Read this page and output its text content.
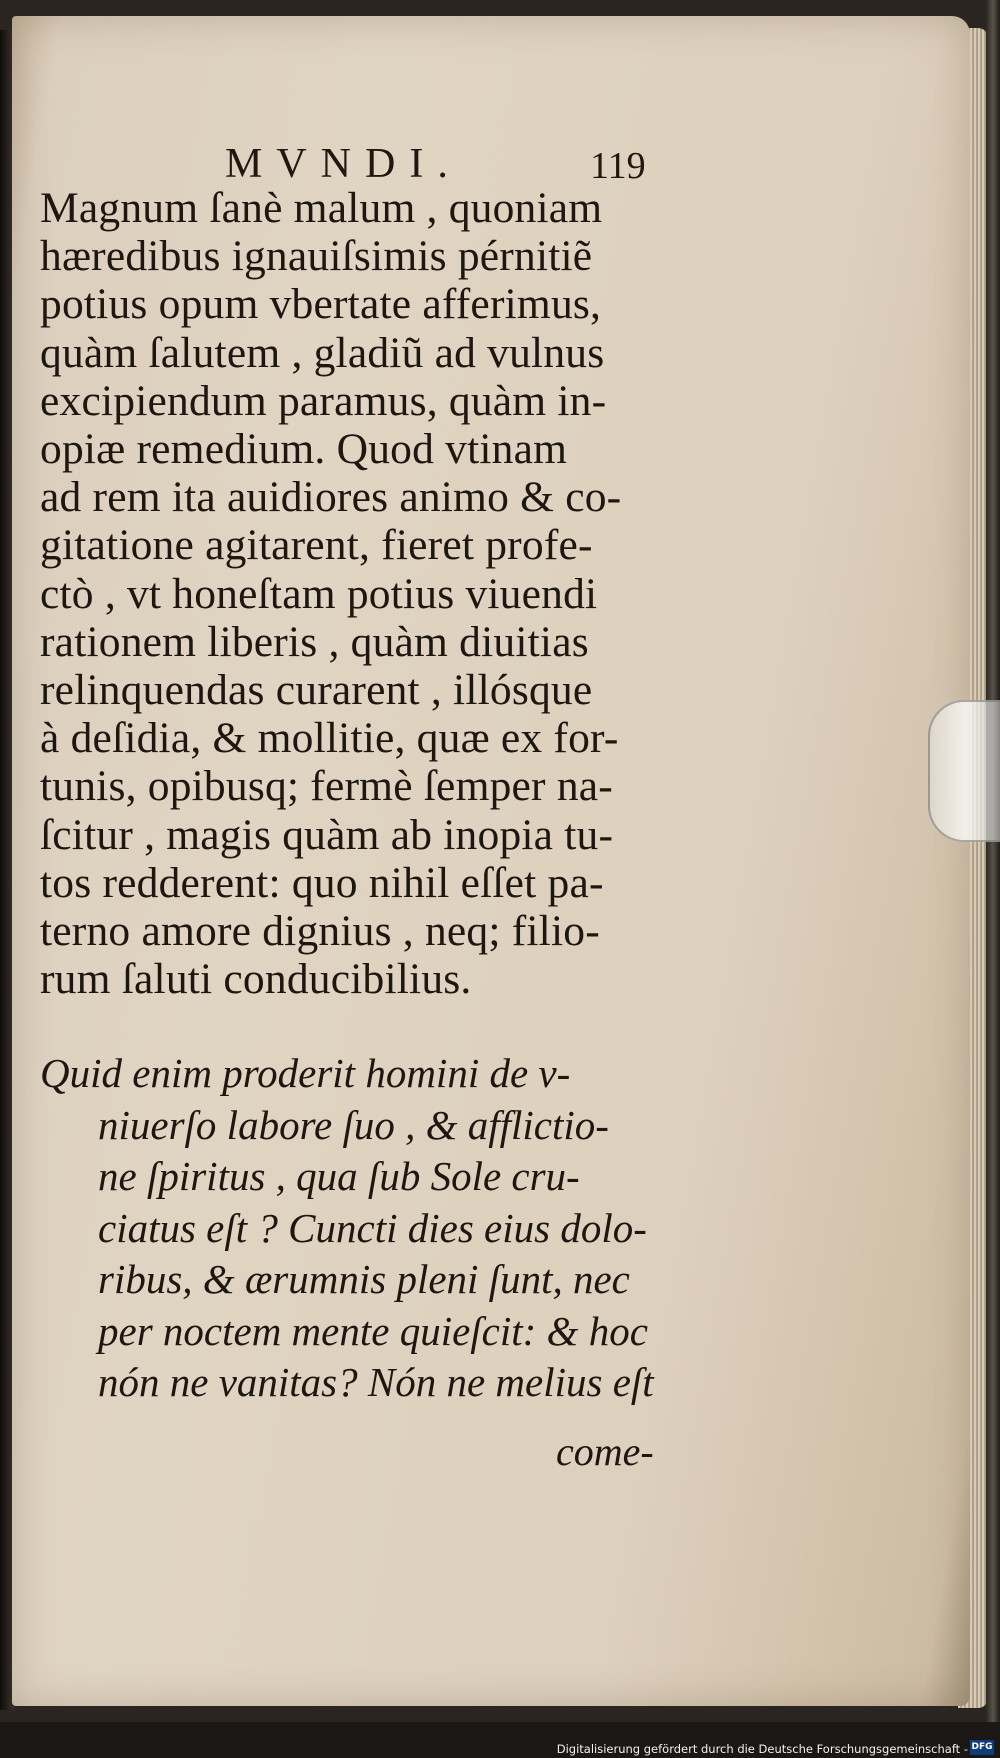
MVNDI.	119
Magnum ſanè malum , quoniam
hæredibus ignauiſsimis pérnitiẽ
potius opum vbertate afferimus,
quàm ſalutem , gladiũ ad vulnus
excipiendum paramus, quàm in-
opiæ remedium. Quod vtinam
ad rem ita auidiores animo & co-
gitatione agitarent, fieret profe-
ctò , vt honeſtam potius viuendi
rationem liberis , quàm diuitias
relinquendas curarent , illósque
à deſidia, & mollitie, quæ ex for-
tunis, opibusq; fermè ſemper na-
ſcitur , magis quàm ab inopia tu-
tos redderent: quo nihil eſſet pa-
terno amore dignius , neq; filio-
rum ſaluti conducibilius.
Quid enim proderit homini de v-
niuerſo labore ſuo , & afflictio-
ne ſpiritus , qua ſub Sole cru-
ciatus eſt ? Cuncti dies eius dolo-
ribus, & ærumnis pleni ſunt, nec
per noctem mente quieſcit: & hoc
nón ne vanitas? Nón ne melius eſt
come-
Digitalisierung gefördert durch die Deutsche Forschungsgemeinschaft - DFG
